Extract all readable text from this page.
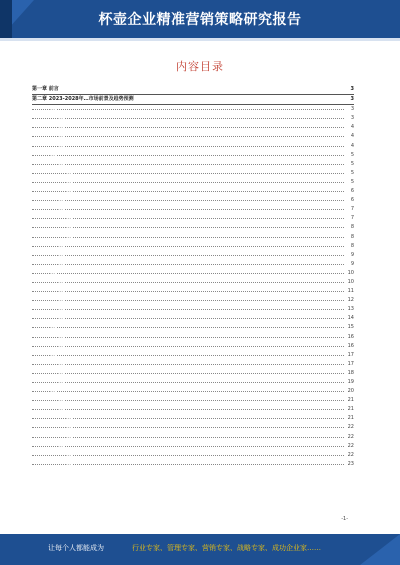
杯壶企业精准营销策略研究报告
内容目录
第一章 前言	3
第二章 2023-2028年…市场前景及趋势预测	3
…	3
…	3
…	4
…	4
…	4
…	5
…	5
…	5
…	5
…	6
…	6
…	7
…	7
…	8
…	8
…	8
…	9
…	9
…	10
…	10
…	11
…	12
…	13
…	14
…	15
…	16
…	16
…	17
…	17
…	18
…	19
…	20
…	21
…	21
…	21
…	22
…	22
…	22
…	22
…	23
-1-
让每个人都能成为	行业专家、管理专家、营销专家、战略专家、成功企业家……
